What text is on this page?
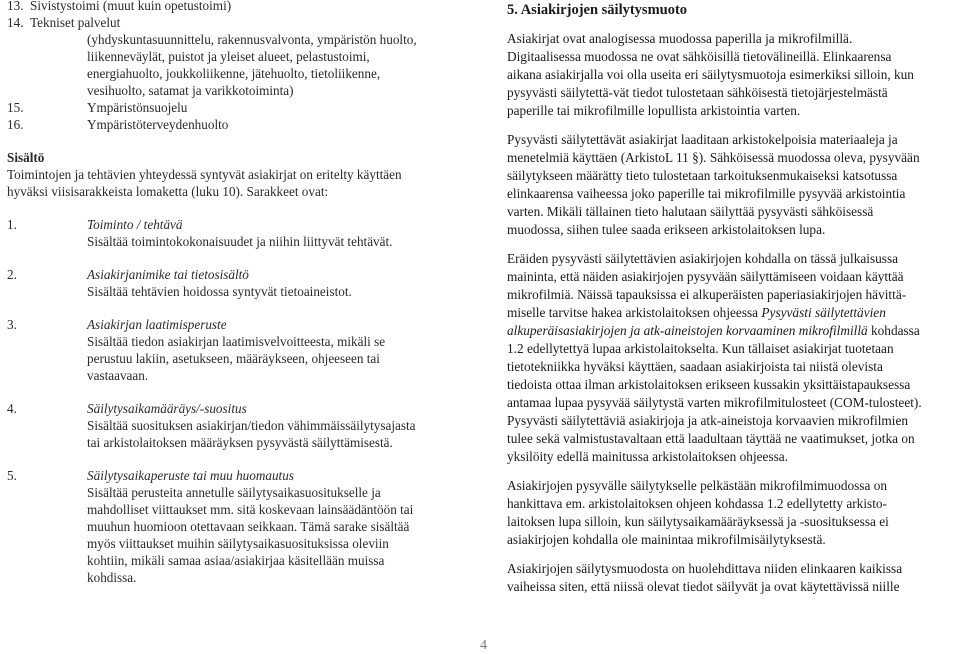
13. Sivistystoimi (muut kuin opetustoimi)
14. Tekniset palvelut
(yhdyskuntasuunnittelu, rakennusvalvonta, ympäristön huolto,
liikenneväylät, puistot ja yleiset alueet, pelastustoimi,
energiahuolto, joukkoliikenne, jätehuolto, tietoliikenne,
vesihuolto, satamat ja varikkotoiminta)
15.	Ympäristönsuojelu
16.	Ympäristöterveydenhuolto
Sisältö
Toimintojen ja tehtävien yhteydessä syntyvät asiakirjat on eritelty käyttäen
hyväksi viisisarakkeista lomaketta (luku 10). Sarakkeet ovat:
1.	Toiminto / tehtävä
Sisältää toimintokokonaisuudet ja niihin liittyvät tehtävät.
2.	Asiakirjanimike tai tietosisältö
Sisältää tehtävien hoidossa syntyvät tietoaineistot.
3.	Asiakirjan laatimisperuste
Sisältää tiedon asiakirjan laatimisvelvoitteesta, mikäli se
perustuu lakiin, asetukseen, määräykseen, ohjeeseen tai
vastaavaan.
4.	Säilytysaikamääräys/-suositus
Sisältää suosituksen asiakirjan/tiedon vähimmäissäilytysajasta
tai arkistolaitoksen määräyksen pysyvästä säilyttämisestä.
5.	Säilytysaikaperuste tai muu huomautus
Sisältää perusteita annetulle säilytysaikasuositukselle ja
mahdolliset viittaukset mm. sitä koskevaan lainsäädäntöön tai
muuhun huomioon otettavaan seikkaan. Tämä sarake sisältää
myös viittaukset muihin säilytysaikasuosituksissa oleviin
kohtiin, mikäli samaa asiaa/asiakirjaa käsitellään muissa
kohdissa.
5. Asiakirjojen säilytysmuoto
Asiakirjat ovat analogisessa muodossa paperilla ja mikrofilmillä.
Digitaalisessa muodossa ne ovat sähköisillä tietovälineillä. Elinkaarensa
aikana asiakirjalla voi olla useita eri säilytysmuotoja esimerkiksi silloin, kun
pysyvästi säilytettä-vät tiedot tulostetaan sähköisestä tietojärjestelmästä
paperille tai mikrofilmille lopullista arkistointia varten.
Pysyvästi säilytettävät asiakirjat laaditaan arkistokelpoisia materiaaleja ja
menetelmiä käyttäen (ArkistoL 11 §). Sähköisessä muodossa oleva, pysyvään
säilytykseen määrätty tieto tulostetaan tarkoituksenmukaiseksi katsotussa
elinkaarensa vaiheessa joko paperille tai mikrofilmille pysyvää arkistointia
varten. Mikäli tällainen tieto halutaan säilyttää pysyvästi sähköisessä
muodossa, siihen tulee saada erikseen arkistolaitoksen lupa.
Eräiden pysyvästi säilytettävien asiakirjojen kohdalla on tässä julkaisussa
mainintа, että näiden asiakirjojen pysyvään säilyttämiseen voidaan käyttää
mikrofilmiä. Näissä tapauksissa ei alkuperäisten paperiasiakirjojen hävittä-
miselle tarvitse hakea arkistolaitoksen ohjeessa Pysyvästi säilytettävien
alkuperäisasiakirjojen ja atk-aineistojen korvaaminen mikrofilmillä kohdassa
1.2 edellytettyä lupaa arkistolaitokselta. Kun tällaiset asiakirjat tuotetaan
tietotekniikka hyväksi käyttäen, saadaan asiakirjoista tai niistä olevista
tiedoista ottaa ilman arkistolaitoksen erikseen kussakin yksittäistapauksessa
antamaa lupaa pysyvää säilytystä varten mikrofilmitulosteet (COM-tulosteet).
Pysyvästi säilytettäviä asiakirjoja ja atk-aineistoja korvaavien mikrofilmien
tulee sekä valmistustavaltaan että laadultaan täyttää ne vaatimukset, jotka on
yksilöity edellä mainitussa arkistolaitoksen ohjeessa.
Asiakirjojen pysyvälle säilytykselle pelkästään mikrofilmimuodossa on
hankittava em. arkistolaitoksen ohjeen kohdassa 1.2 edellytetty arkisto-
laitoksen lupa silloin, kun säilytysaikamääräyksessä ja -suosituksessa ei
asiakirjojen kohdalla ole mainintaa mikrofilmisäilytyksestä.
Asiakirjojen säilytysmuodosta on huolehdittava niiden elinkaaren kaikissa
vaiheissa siten, että niissä olevat tiedot säilyvät ja ovat käytettävissä niille
4
